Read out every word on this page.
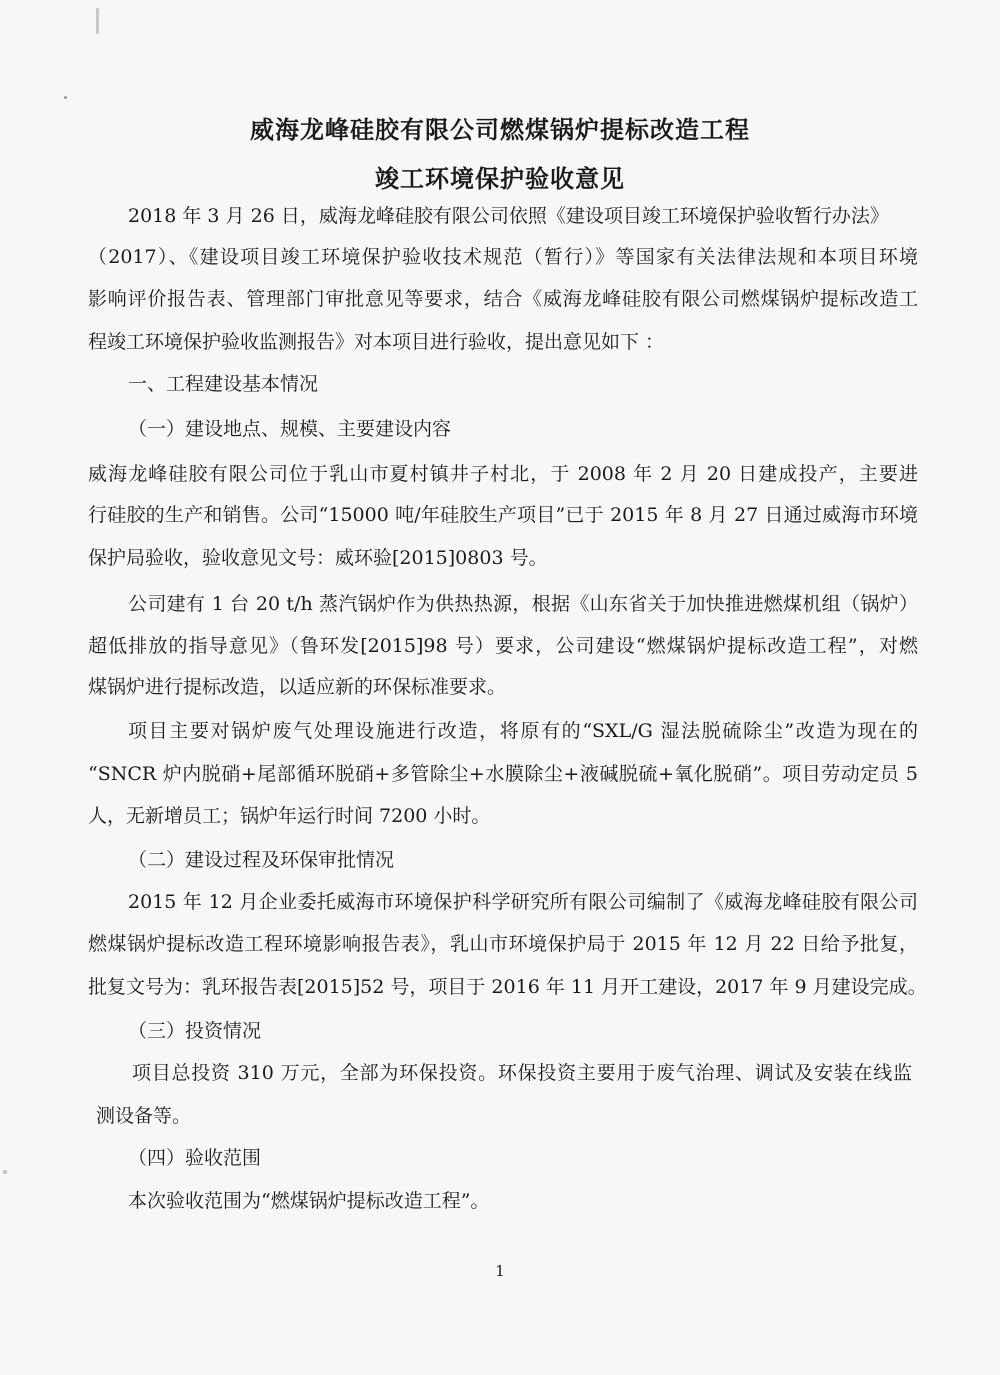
威海龙峰硅胶有限公司燃煤锅炉提标改造工程
竣工环境保护验收意见
2018 年 3 月 26 日，威海龙峰硅胶有限公司依照《建设项目竣工环境保护验收暂行办法》
（2017）、《建设项目竣工环境保护验收技术规范（暂行）》等国家有关法律法规和本项目环境
影响评价报告表、管理部门审批意见等要求，结合《威海龙峰硅胶有限公司燃煤锅炉提标改造工
程竣工环境保护验收监测报告》对本项目进行验收，提出意见如下 ：
一、工程建设基本情况
（一）建设地点、规模、主要建设内容
威海龙峰硅胶有限公司位于乳山市夏村镇井子村北，于 2008 年 2 月 20 日建成投产，主要进
行硅胶的生产和销售。公司“15000 吨/年硅胶生产项目”已于 2015 年 8 月 27 日通过威海市环境
保护局验收，验收意见文号：威环验[2015]0803 号。
公司建有 1 台 20 t/h 蒸汽锅炉作为供热热源，根据《山东省关于加快推进燃煤机组（锅炉）
超低排放的指导意见》（鲁环发[2015]98 号）要求，公司建设“燃煤锅炉提标改造工程”，对燃
煤锅炉进行提标改造，以适应新的环保标准要求。
项目主要对锅炉废气处理设施进行改造，将原有的“SXL/G 湿法脱硫除尘”改造为现在的
“SNCR 炉内脱硝+尾部循环脱硝+多管除尘+水膜除尘+液碱脱硫+氧化脱硝”。项目劳动定员 5
人，无新增员工；锅炉年运行时间 7200 小时。
（二）建设过程及环保审批情况
2015 年 12 月企业委托威海市环境保护科学研究所有限公司编制了《威海龙峰硅胶有限公司
燃煤锅炉提标改造工程环境影响报告表》，乳山市环境保护局于 2015 年 12 月 22 日给予批复，
批复文号为：乳环报告表[2015]52 号，项目于 2016 年 11 月开工建设，2017 年 9 月建设完成。
（三）投资情况
项目总投资 310 万元，全部为环保投资。环保投资主要用于废气治理、调试及安装在线监
测设备等。
（四）验收范围
本次验收范围为“燃煤锅炉提标改造工程”。
1
